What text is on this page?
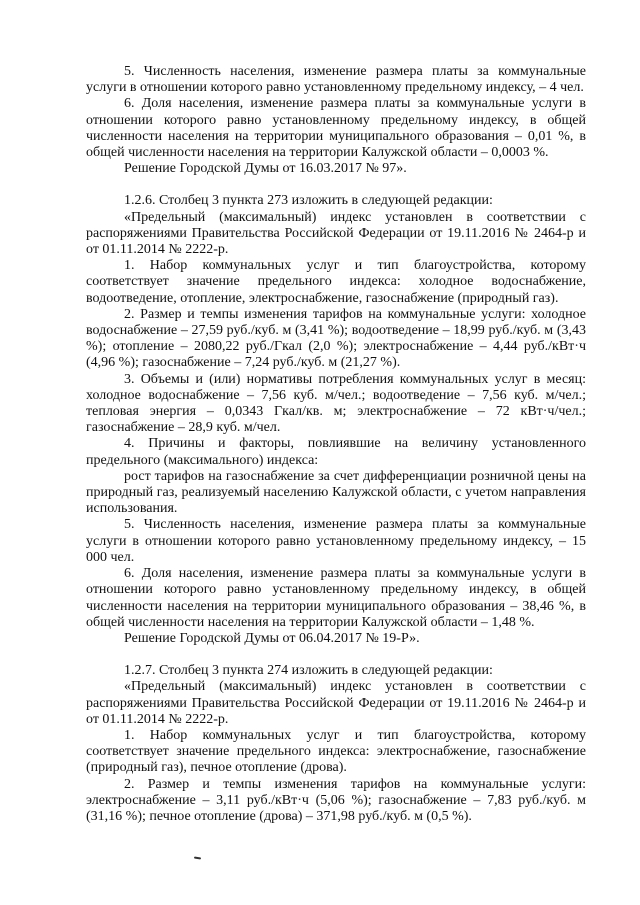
5. Численность населения, изменение размера платы за коммунальные услуги в отношении которого равно установленному предельному индексу, – 4 чел.

6. Доля населения, изменение размера платы за коммунальные услуги в отношении которого равно установленному предельному индексу, в общей численности населения на территории муниципального образования – 0,01 %, в общей численности населения на территории Калужской области – 0,0003 %.

Решение Городской Думы от 16.03.2017 № 97».

1.2.6. Столбец 3 пункта 273 изложить в следующей редакции:

«Предельный (максимальный) индекс установлен в соответствии с распоряжениями Правительства Российской Федерации от 19.11.2016 № 2464-р и от 01.11.2014 № 2222-р.

1. Набор коммунальных услуг и тип благоустройства, которому соответствует значение предельного индекса: холодное водоснабжение, водоотведение, отопление, электроснабжение, газоснабжение (природный газ).

2. Размер и темпы изменения тарифов на коммунальные услуги: холодное водоснабжение – 27,59 руб./куб. м (3,41 %); водоотведение – 18,99 руб./куб. м (3,43 %); отопление – 2080,22 руб./Гкал (2,0 %); электроснабжение – 4,44 руб./кВт·ч (4,96 %); газоснабжение – 7,24 руб./куб. м (21,27 %).

3. Объемы и (или) нормативы потребления коммунальных услуг в месяц: холодное водоснабжение – 7,56 куб. м/чел.; водоотведение – 7,56 куб. м/чел.; тепловая энергия – 0,0343 Гкал/кв. м; электроснабжение – 72 кВт·ч/чел.; газоснабжение – 28,9 куб. м/чел.

4. Причины и факторы, повлиявшие на величину установленного предельного (максимального) индекса:

рост тарифов на газоснабжение за счет дифференциации розничной цены на природный газ, реализуемый населению Калужской области, с учетом направления использования.

5. Численность населения, изменение размера платы за коммунальные услуги в отношении которого равно установленному предельному индексу, – 15 000 чел.

6. Доля населения, изменение размера платы за коммунальные услуги в отношении которого равно установленному предельному индексу, в общей численности населения на территории муниципального образования – 38,46 %, в общей численности населения на территории Калужской области – 1,48 %.

Решение Городской Думы от 06.04.2017 № 19-Р».

1.2.7. Столбец 3 пункта 274 изложить в следующей редакции:

«Предельный (максимальный) индекс установлен в соответствии с распоряжениями Правительства Российской Федерации от 19.11.2016 № 2464-р и от 01.11.2014 № 2222-р.

1. Набор коммунальных услуг и тип благоустройства, которому соответствует значение предельного индекса: электроснабжение, газоснабжение (природный газ), печное отопление (дрова).

2. Размер и темпы изменения тарифов на коммунальные услуги: электроснабжение – 3,11 руб./кВт·ч (5,06 %); газоснабжение – 7,83 руб./куб. м (31,16 %); печное отопление (дрова) – 371,98 руб./куб. м (0,5 %).
